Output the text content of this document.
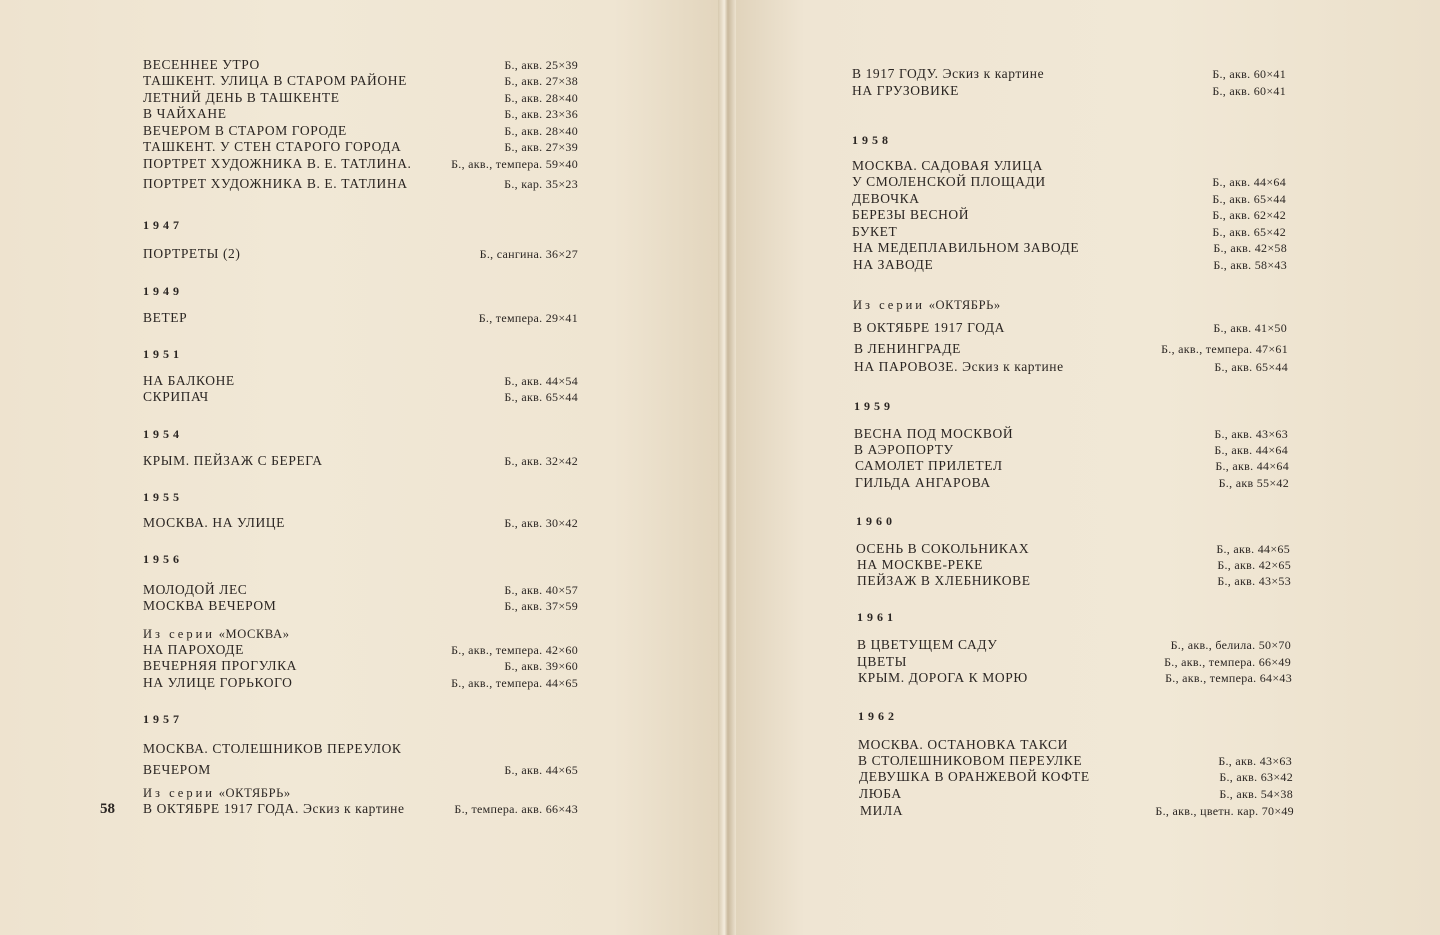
58
ВЕСЕННЕЕ УТРО	Б., акв. 25×39
ТАШКЕНТ. УЛИЦА В СТАРОМ РАЙОНЕ	Б., акв. 27×38
ЛЕТНИЙ ДЕНЬ В ТАШКЕНТЕ	Б., акв. 28×40
В ЧАЙХАНЕ	Б., акв. 23×36
ВЕЧЕРОМ В СТАРОМ ГОРОДЕ	Б., акв. 28×40
ТАШКЕНТ. У СТЕН СТАРОГО ГОРОДА	Б., акв. 27×39
ПОРТРЕТ ХУДОЖНИКА В. Е. ТАТЛИНА.	Б., акв., темпера. 59×40
ПОРТРЕТ ХУДОЖНИКА В. Е. ТАТЛИНА	Б., кар. 35×23
1947
ПОРТРЕТЫ (2)	Б., сангина. 36×27
1949
ВЕТЕР	Б., темпера. 29×41
1951
НА БАЛКОНЕ	Б., акв. 44×54
СКРИПАЧ	Б., акв. 65×44
1954
КРЫМ. ПЕЙЗАЖ С БЕРЕГА	Б., акв. 32×42
1955
МОСКВА. НА УЛИЦЕ	Б., акв. 30×42
1956
МОЛОДОЙ ЛЕС	Б., акв. 40×57
МОСКВА ВЕЧЕРОМ	Б., акв. 37×59
Из серии «МОСКВА»
НА ПАРОХОДЕ	Б., акв., темпера. 42×60
ВЕЧЕРНЯЯ ПРОГУЛКА	Б., акв. 39×60
НА УЛИЦЕ ГОРЬКОГО	Б., акв., темпера. 44×65
1957
МОСКВА. СТОЛЕШНИКОВ ПЕРЕУЛОК
ВЕЧЕРОМ	Б., акв. 44×65
Из серии «ОКТЯБРЬ»
В ОКТЯБРЕ 1917 ГОДА. Эскиз к картине	Б., темпера. акв. 66×43
В 1917 ГОДУ. Эскиз к картине	Б., акв. 60×41
НА ГРУЗОВИКЕ	Б., акв. 60×41
1958
МОСКВА. САДОВАЯ УЛИЦА
У СМОЛЕНСКОЙ ПЛОЩАДИ	Б., акв. 44×64
ДЕВОЧКА	Б., акв. 65×44
БЕРЕЗЫ ВЕСНОЙ	Б., акв. 62×42
БУКЕТ	Б., акв. 65×42
НА МЕДЕПЛАВИЛЬНОМ ЗАВОДЕ	Б., акв. 42×58
НА ЗАВОДЕ	Б., акв. 58×43
Из серии «ОКТЯБРЬ»
В ОКТЯБРЕ 1917 ГОДА	Б., акв. 41×50
В ЛЕНИНГРАДЕ	Б., акв., темпера. 47×61
НА ПАРОВОЗЕ. Эскиз к картине	Б., акв. 65×44
1959
ВЕСНА ПОД МОСКВОЙ	Б., акв. 43×63
В АЭРОПОРТУ	Б., акв. 44×64
САМОЛЕТ ПРИЛЕТЕЛ	Б., акв. 44×64
ГИЛЬДА АНГАРОВА	Б., акв 55×42
1960
ОСЕНЬ В СОКОЛЬНИКАХ	Б., акв. 44×65
НА МОСКВЕ-РЕКЕ	Б., акв. 42×65
ПЕЙЗАЖ В ХЛЕБНИКОВЕ	Б., акв. 43×53
1961
В ЦВЕТУЩЕМ САДУ	Б., акв., белила. 50×70
ЦВЕТЫ	Б., акв., темпера. 66×49
КРЫМ. ДОРОГА К МОРЮ	Б., акв., темпера. 64×43
1962
МОСКВА. ОСТАНОВКА ТАКСИ
В СТОЛЕШНИКОВОМ ПЕРЕУЛКЕ	Б., акв. 43×63
ДЕВУШКА В ОРАНЖЕВОЙ КОФТЕ	Б., акв. 63×42
ЛЮБА	Б., акв. 54×38
МИЛА	Б., акв., цветн. кар. 70×49
